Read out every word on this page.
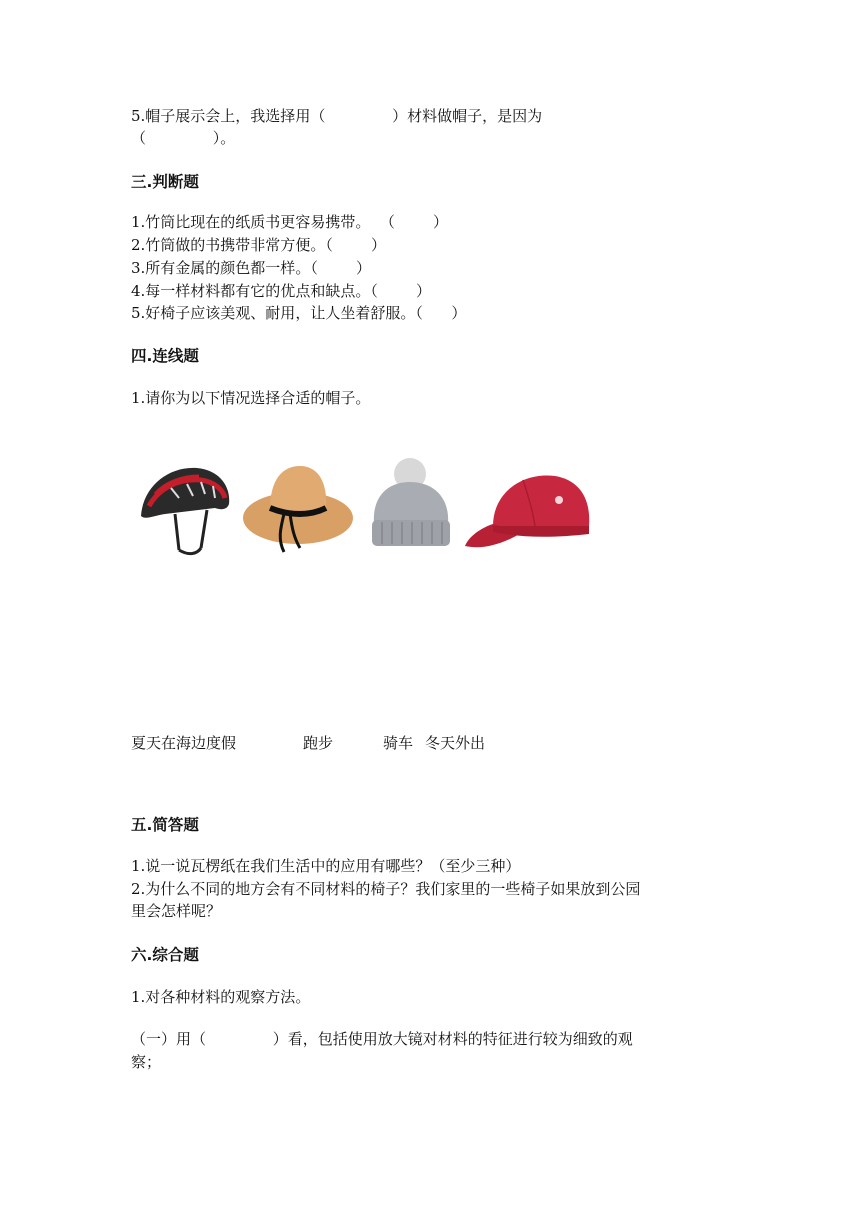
5.帽子展示会上，我选择用（              ）材料做帽子，是因为
（              ）。
三.判断题
1.竹筒比现在的纸质书更容易携带。  （        ）
2.竹筒做的书携带非常方便。（        ）
3.所有金属的颜色都一样。（        ）
4.每一样材料都有它的优点和缺点。（        ）
5.好椅子应该美观、耐用，让人坐着舒服。（      ）
四.连线题
1.请你为以下情况选择合适的帽子。
夏天在海边度假	跑步	骑车 冬天外出
五.简答题
1.说一说瓦楞纸在我们生活中的应用有哪些？（至少三种）
2.为什么不同的地方会有不同材料的椅子？我们家里的一些椅子如果放到公园
里会怎样呢？
六.综合题
1.对各种材料的观察方法。
（一）用（              ）看，包括使用放大镜对材料的特征进行较为细致的观
察；
